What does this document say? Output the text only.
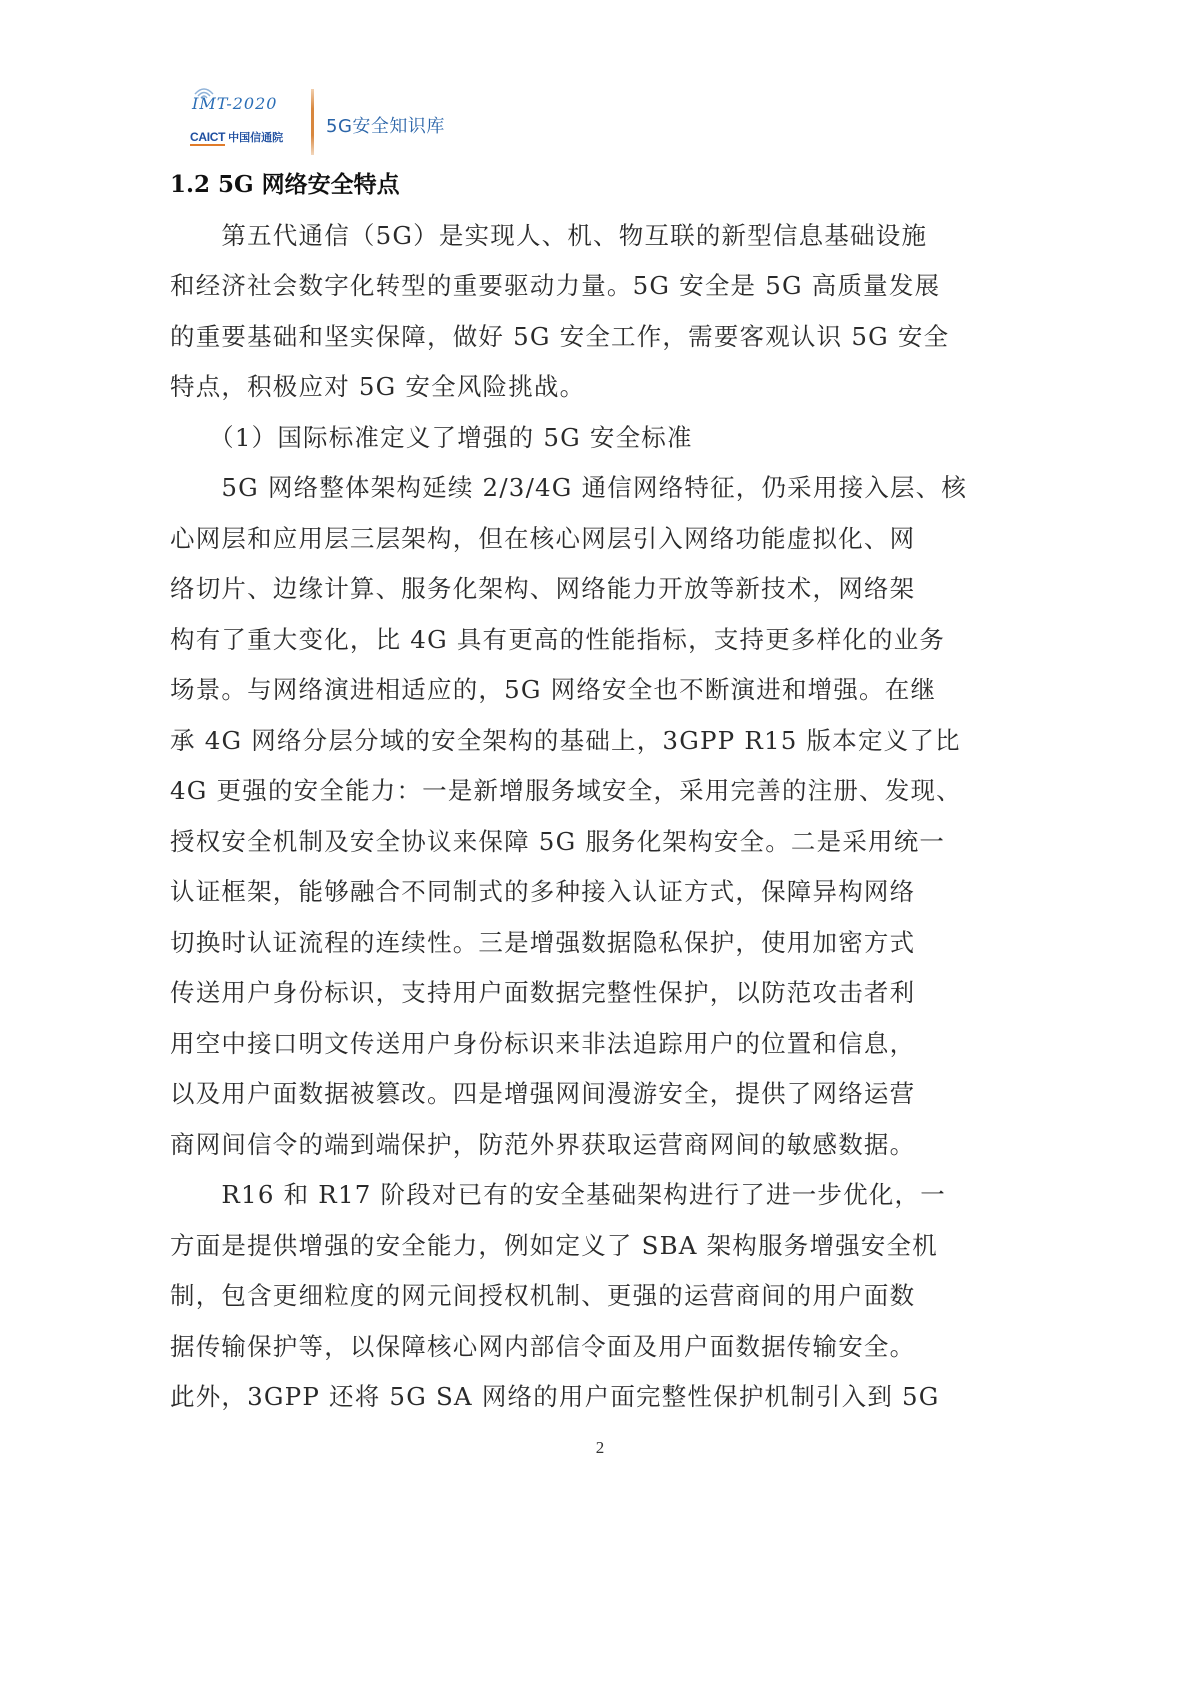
IMT-2020
CAICT 中国信通院
5G安全知识库
1.2 5G 网络安全特点
　　第五代通信（5G）是实现人、机、物互联的新型信息基础设施
和经济社会数字化转型的重要驱动力量。5G 安全是 5G 高质量发展
的重要基础和坚实保障，做好 5G 安全工作，需要客观认识 5G 安全
特点，积极应对 5G 安全风险挑战。
　　（1）国际标准定义了增强的 5G 安全标准
　　5G 网络整体架构延续 2/3/4G 通信网络特征，仍采用接入层、核
心网层和应用层三层架构，但在核心网层引入网络功能虚拟化、网
络切片、边缘计算、服务化架构、网络能力开放等新技术，网络架
构有了重大变化，比 4G 具有更高的性能指标，支持更多样化的业务
场景。与网络演进相适应的，5G 网络安全也不断演进和增强。在继
承 4G 网络分层分域的安全架构的基础上，3GPP R15 版本定义了比
4G 更强的安全能力：一是新增服务域安全，采用完善的注册、发现、
授权安全机制及安全协议来保障 5G 服务化架构安全。二是采用统一
认证框架，能够融合不同制式的多种接入认证方式，保障异构网络
切换时认证流程的连续性。三是增强数据隐私保护，使用加密方式
传送用户身份标识，支持用户面数据完整性保护，以防范攻击者利
用空中接口明文传送用户身份标识来非法追踪用户的位置和信息，
以及用户面数据被篡改。四是增强网间漫游安全，提供了网络运营
商网间信令的端到端保护，防范外界获取运营商网间的敏感数据。
　　R16 和 R17 阶段对已有的安全基础架构进行了进一步优化，一
方面是提供增强的安全能力，例如定义了 SBA 架构服务增强安全机
制，包含更细粒度的网元间授权机制、更强的运营商间的用户面数
据传输保护等，以保障核心网内部信令面及用户面数据传输安全。
此外，3GPP 还将 5G SA 网络的用户面完整性保护机制引入到 5G
2
